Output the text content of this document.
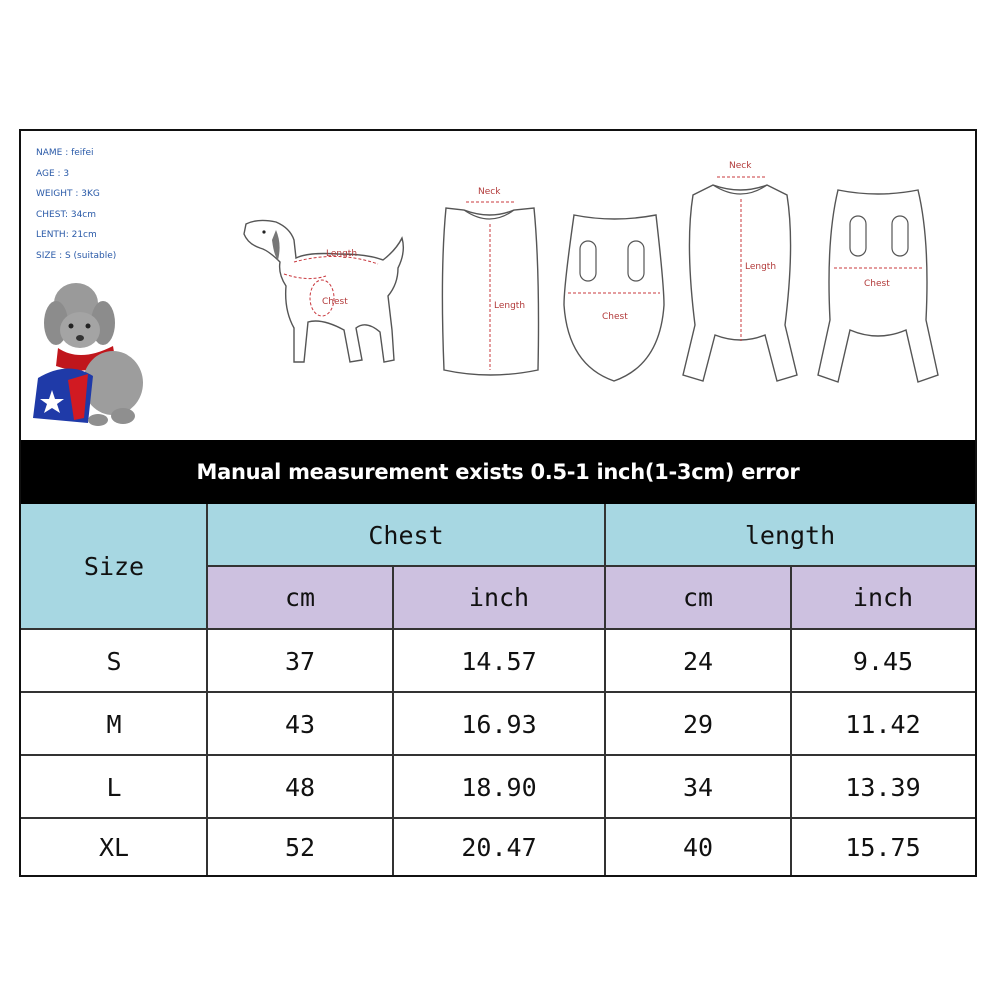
NAME : feifei
AGE : 3
WEIGHT : 3KG
CHEST: 34cm
LENTH: 21cm
SIZE : S (suitable)	Length
Chest
Neck
Length
Chest
Neck
Length
Chest
Manual measurement exists 0.5-1 inch(1-3cm) error
Size
Chest	length
cm	inch	cm	inch
S	37	14.57	24	9.45
M	43	16.93	29	11.42
L	48	18.90	34	13.39
XL	52	20.47	40	15.75
